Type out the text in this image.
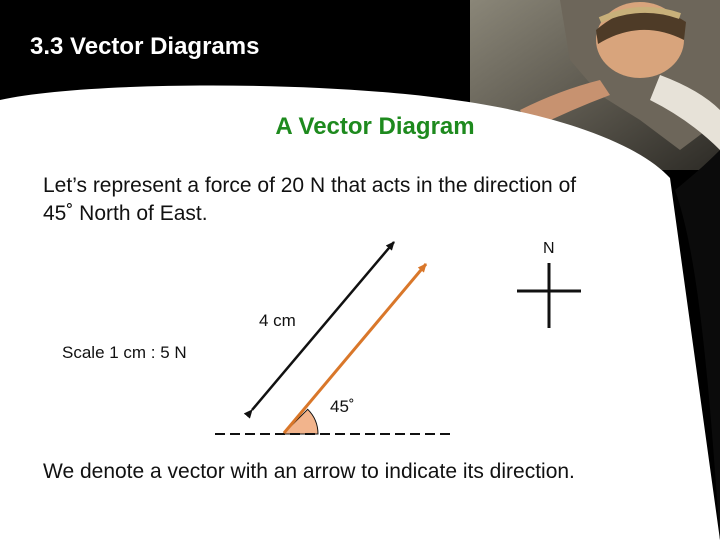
3.3 Vector Diagrams
A Vector Diagram
Let’s represent a force of 20 N that acts in the direction of
45˚ North of East.
N
4 cm
Scale 1 cm : 5 N
45˚
We denote a vector with an arrow to indicate its direction.
